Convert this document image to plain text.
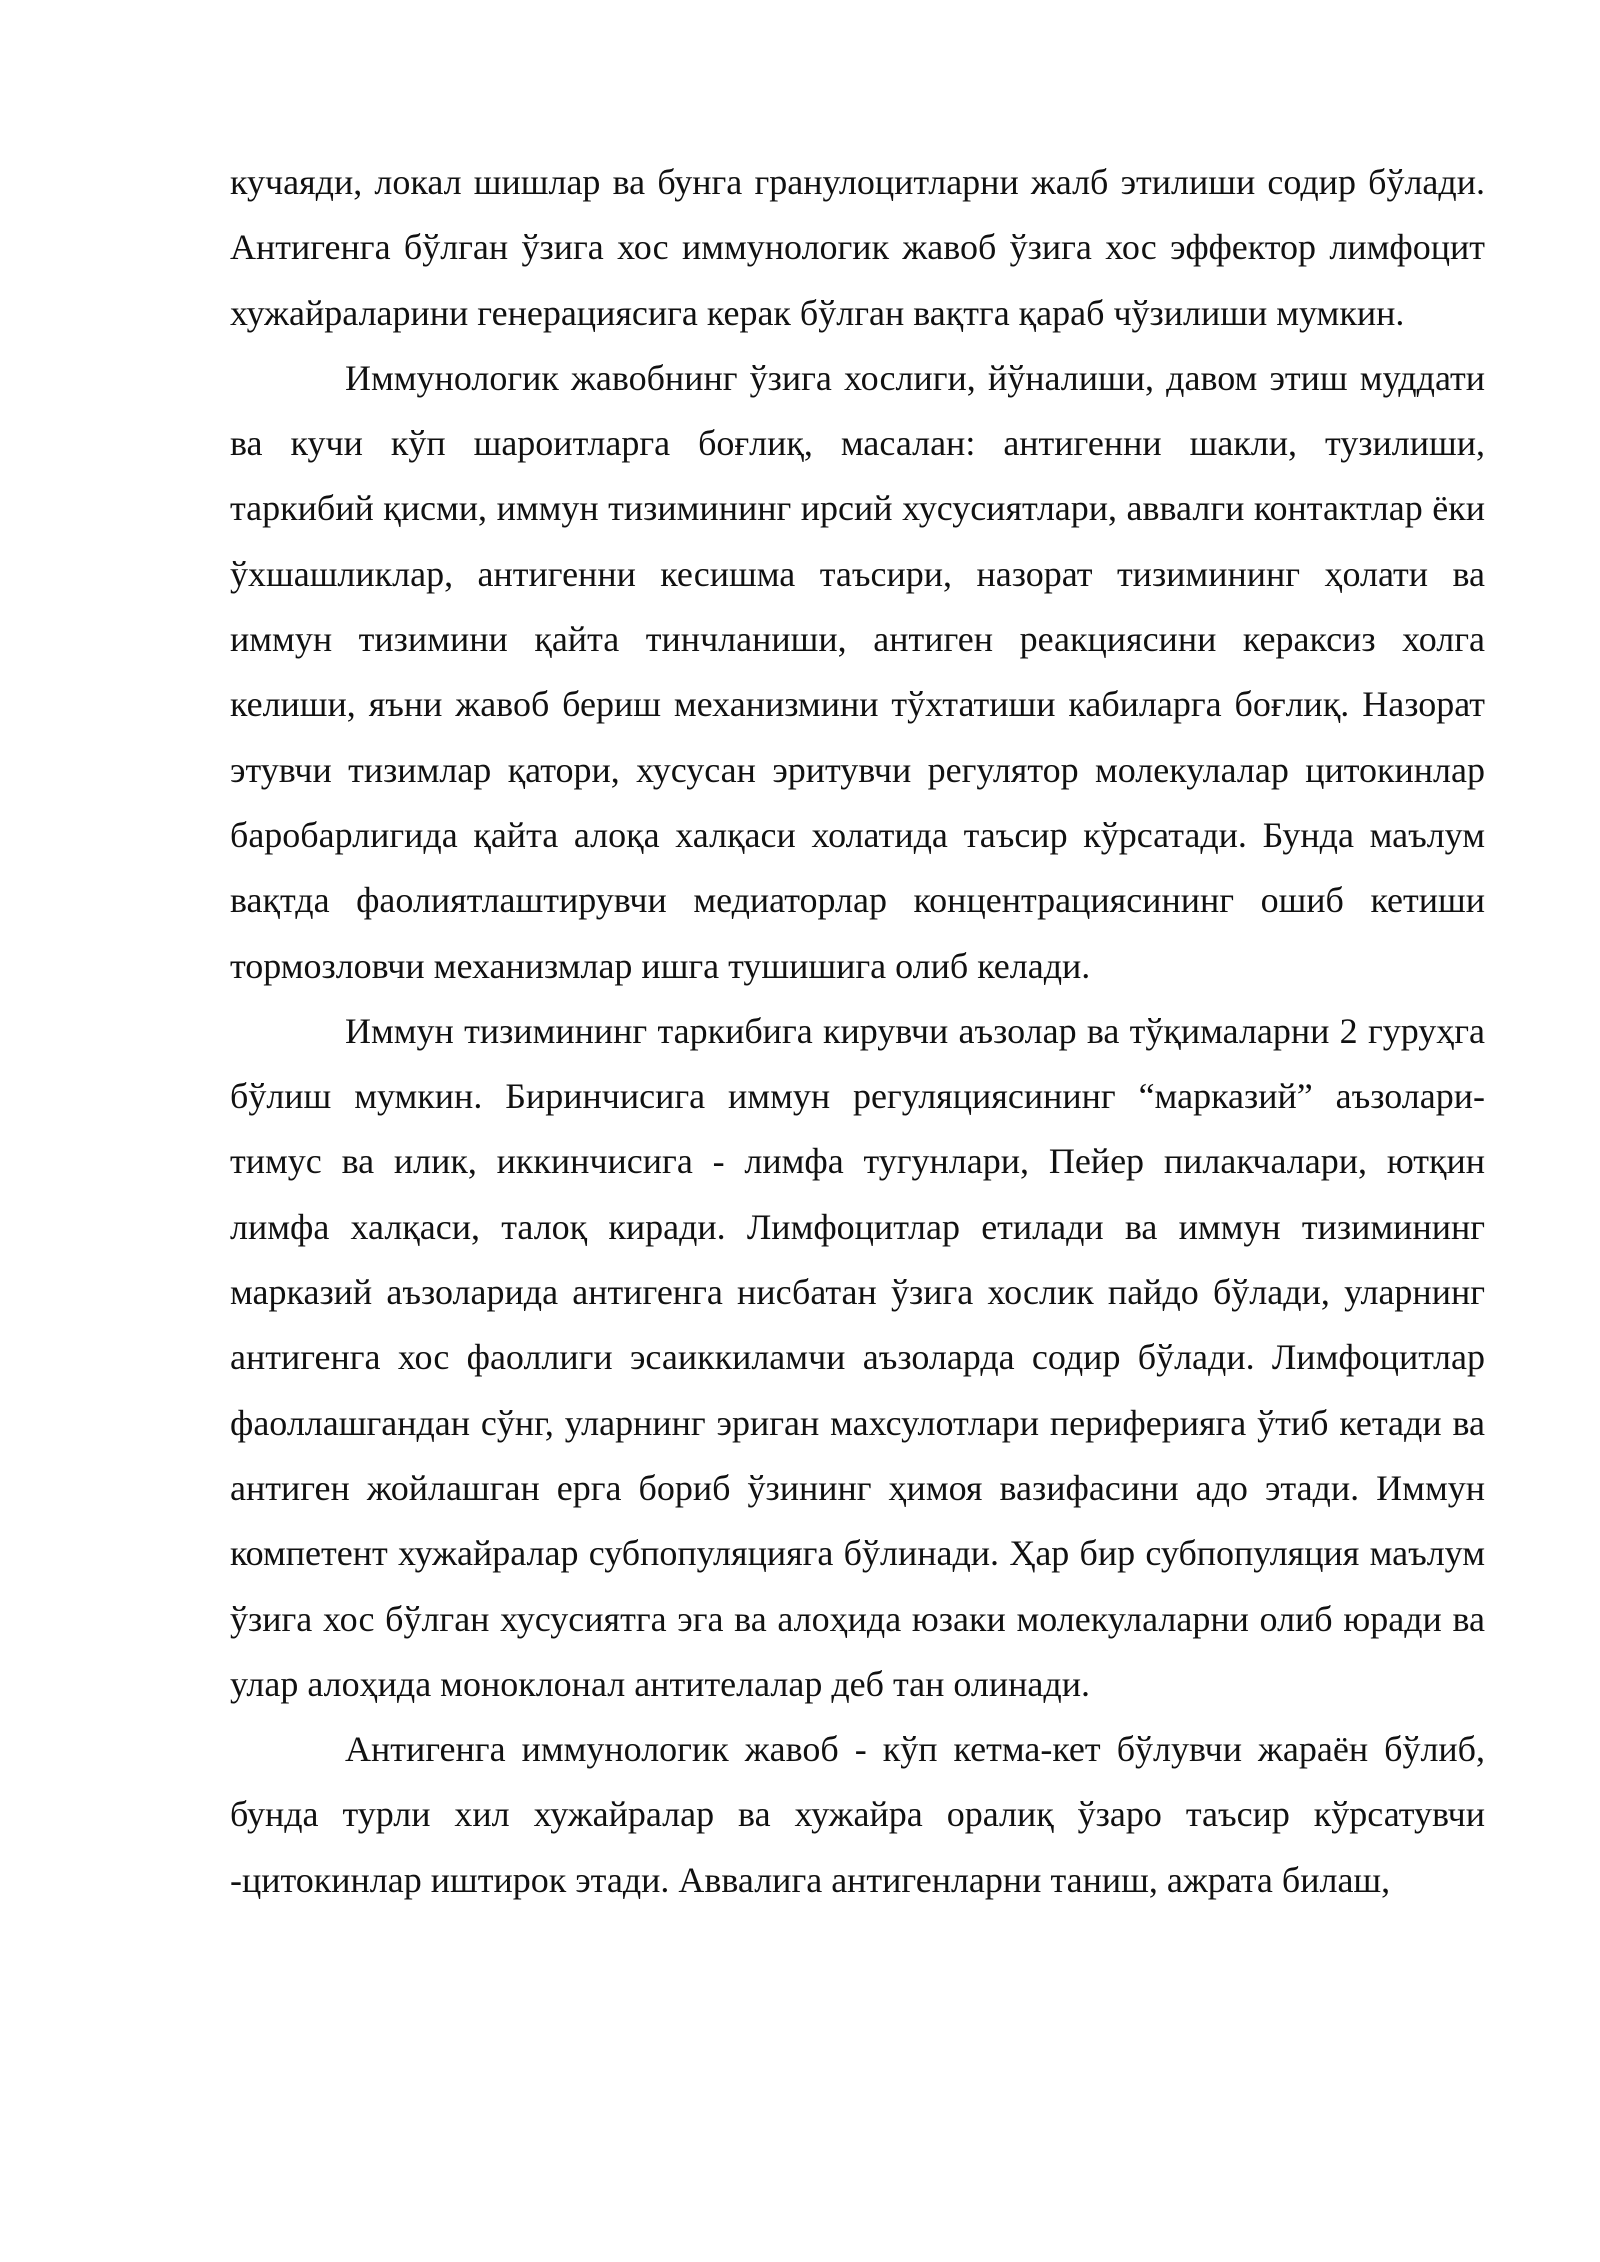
кучаяди, локал шишлар ва бунга гранулоцитларни жалб этилиши содир бўлади. Антигенга бўлган ўзига хос иммунологик жавоб ўзига хос эффектор лимфоцит хужайраларини генерациясига керак бўлган вақтга қараб чўзилиши мумкин.

Иммунологик жавобнинг ўзига хослиги, йўналиши, давом этиш муддати ва кучи кўп шароитларга боғлиқ, масалан: антигенни шакли, тузилиши, таркибий қисми, иммун тизимининг ирсий хусусиятлари, аввалги контактлар ёки ўхшашликлар, антигенни кесишма таъсири, назорат тизимининг ҳолати ва иммун тизимини қайта тинчланиши, антиген реакциясини кераксиз холга келиши, яъни жавоб бериш механизмини тўхтатиши кабиларга боғлиқ. Назорат этувчи тизимлар қатори, хусусан эритувчи регулятор молекулалар цитокинлар баробарлигида қайта алоқа халқаси холатида таъсир кўрсатади. Бунда маълум вақтда фаолиятлаштирувчи медиаторлар концентрациясининг ошиб кетиши тормозловчи механизмлар ишга тушишига олиб келади.

Иммун тизимининг таркибига кирувчи аъзолар ва тўқималарни 2 гуруҳга бўлиш мумкин. Биринчисига иммун регуляциясининг “марказий” аъзолари-тимус ва илик, иккинчисига - лимфа тугунлари, Пейер пилакчалари, ютқин лимфа халқаси, талоқ киради. Лимфоцитлар етилади ва иммун тизимининг марказий аъзоларида антигенга нисбатан ўзига хослик пайдо бўлади, уларнинг антигенга хос фаоллиги эсаиккиламчи аъзоларда содир бўлади. Лимфоцитлар фаоллашгандан сўнг, уларнинг эриган махсулотлари периферияга ўтиб кетади ва антиген жойлашган ерга бориб ўзининг ҳимоя вазифасини адо этади. Иммун компетент хужайралар субпопуляцияга бўлинади. Ҳар бир субпопуляция маълум ўзига хос бўлган хусусиятга эга ва алоҳида юзаки молекулаларни олиб юради ва улар алоҳида моноклонал антителалар деб тан олинади.

Антигенга иммунологик жавоб - кўп кетма-кет бўлувчи жараён бўлиб, бунда турли хил хужайралар ва хужайра оралиқ ўзаро таъсир кўрсатувчи -цитокинлар иштирок этади. Аввалига антигенларни таниш, ажрата билаш,
